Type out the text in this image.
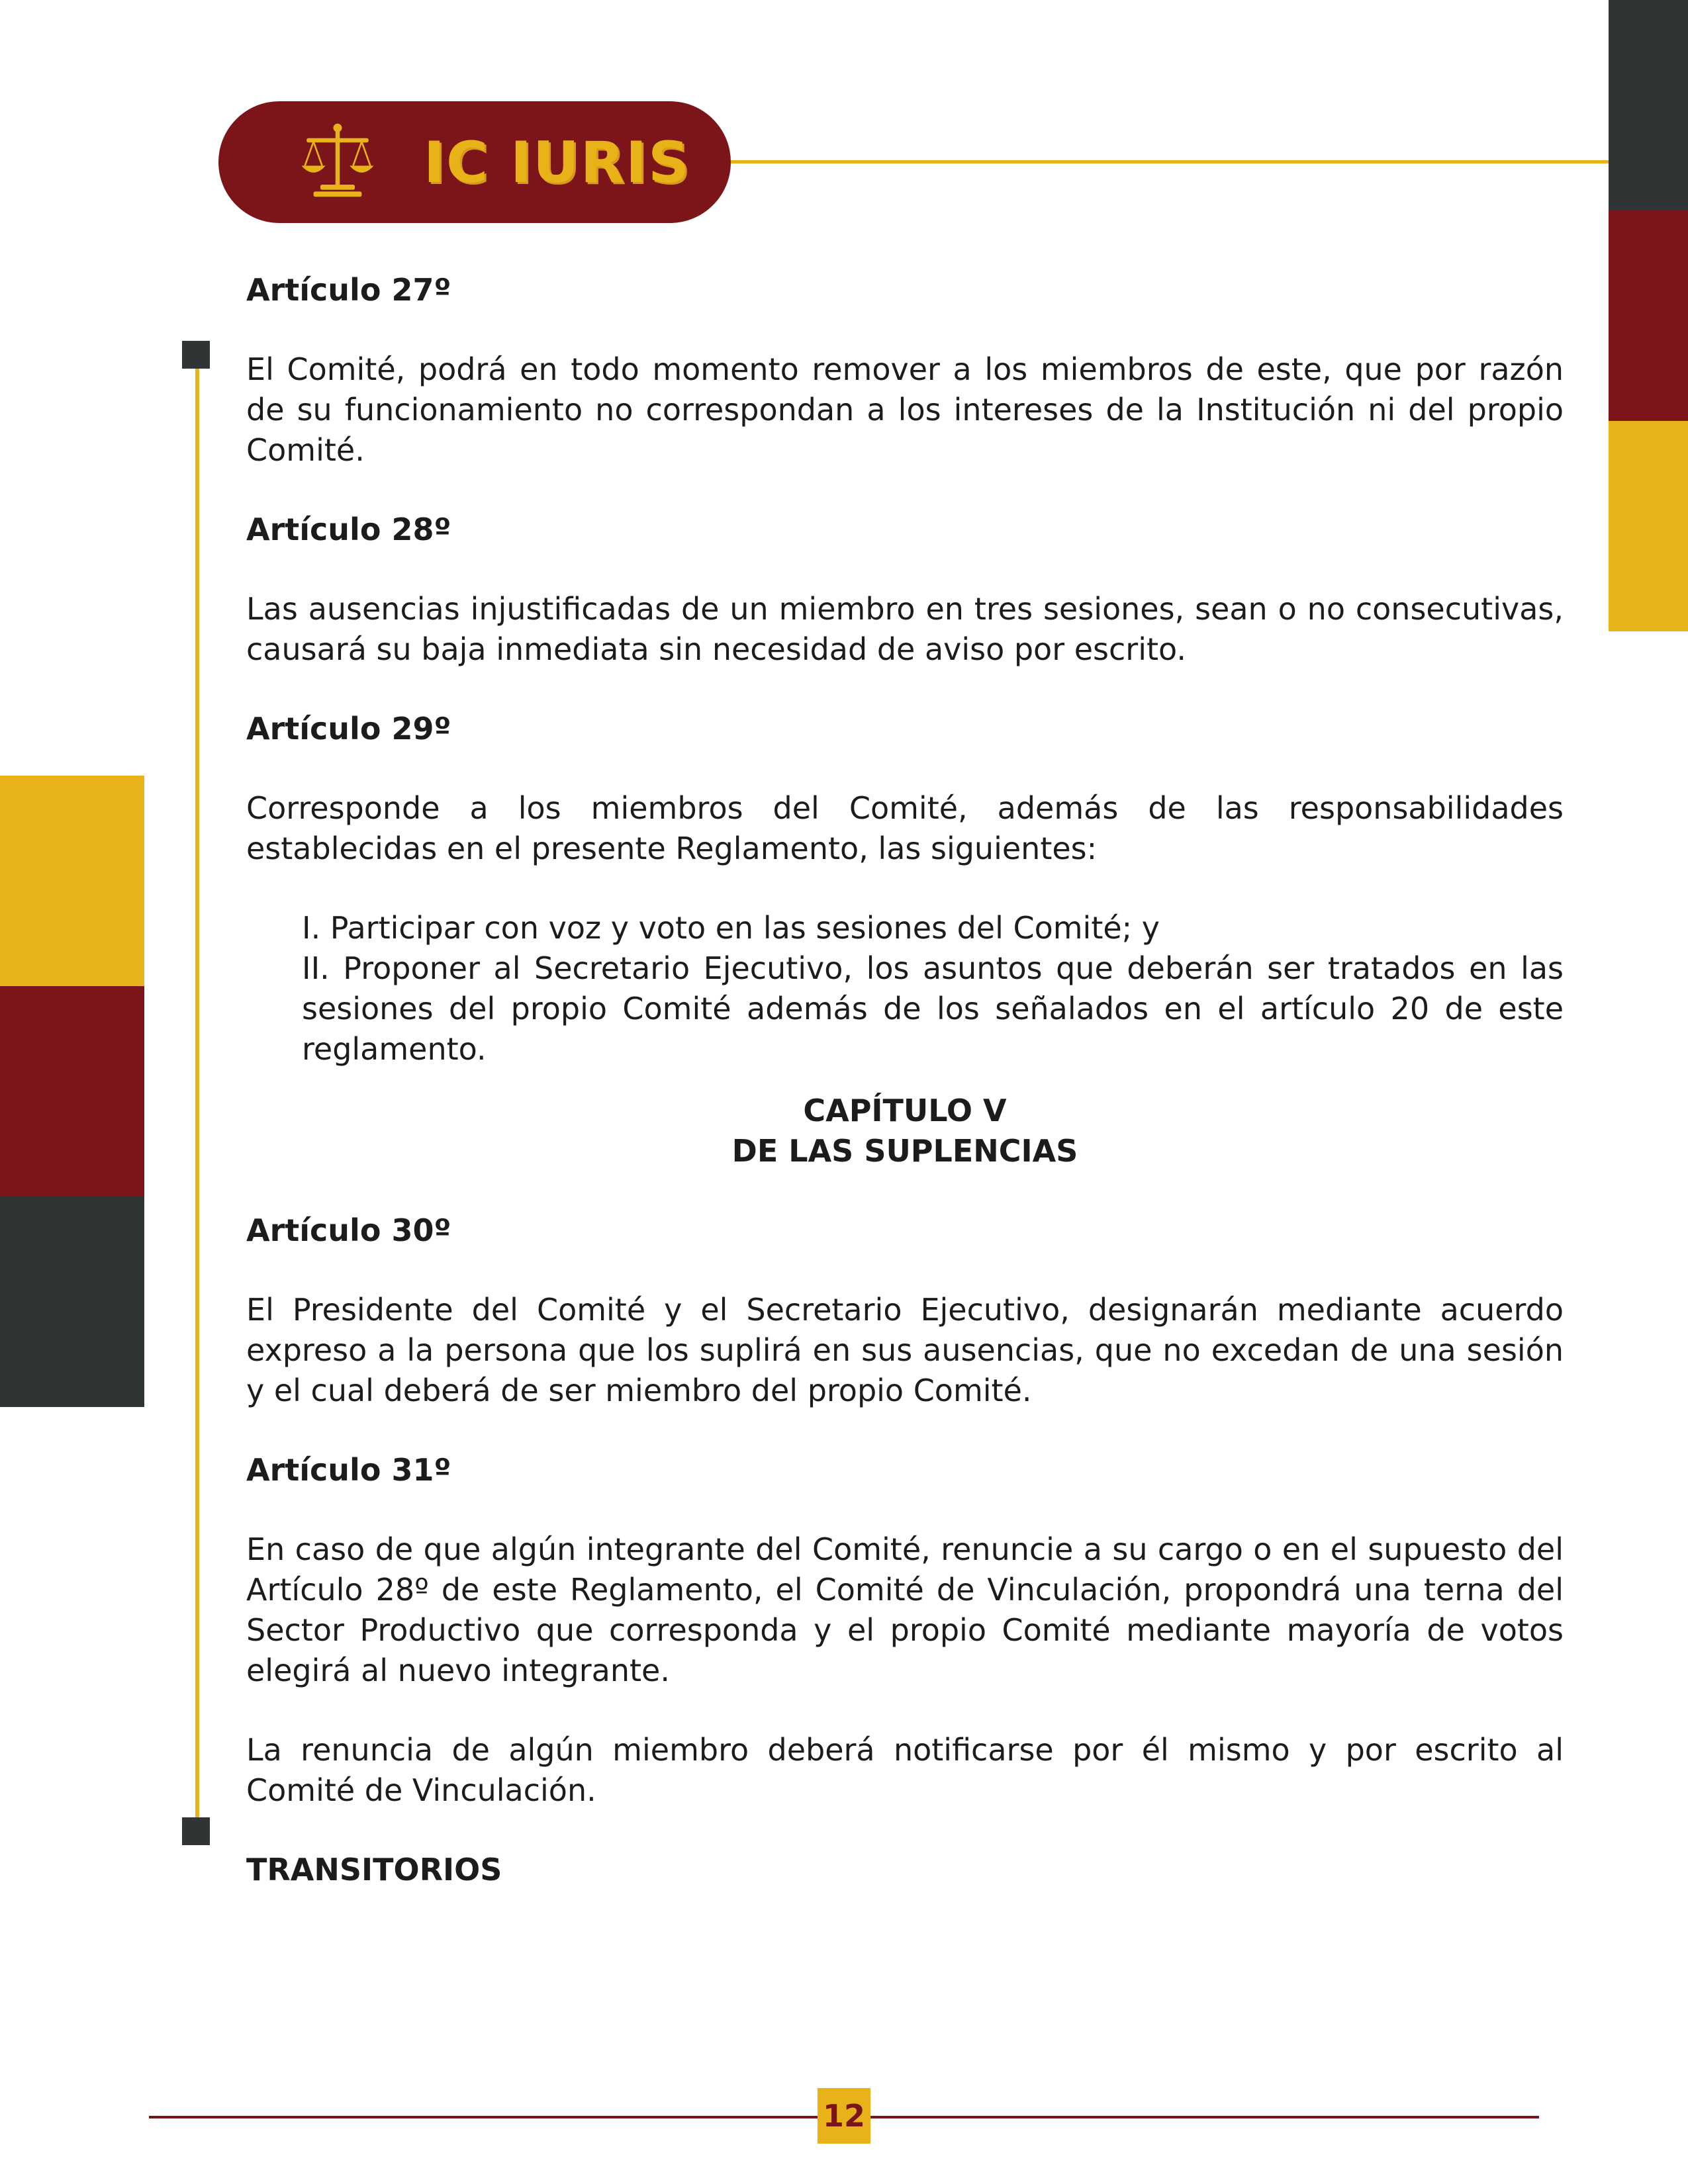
IC IURIS

Artículo 27º

El Comité, podrá en todo momento remover a los miembros de este, que por razón de su funcionamiento no correspondan a los intereses de la Institución ni del propio Comité.

Artículo 28º

Las ausencias injustificadas de un miembro en tres sesiones, sean o no consecutivas, causará su baja inmediata sin necesidad de aviso por escrito.

Artículo 29º

Corresponde a los miembros del Comité, además de las responsabilidades establecidas en el presente Reglamento, las siguientes:

I. Participar con voz y voto en las sesiones del Comité; y

II. Proponer al Secretario Ejecutivo, los asuntos que deberán ser tratados en las sesiones del propio Comité además de los señalados en el artículo 20 de este reglamento.

CAPÍTULO V

DE LAS SUPLENCIAS

Artículo 30º

El Presidente del Comité y el Secretario Ejecutivo, designarán mediante acuerdo expreso a la persona que los suplirá en sus ausencias, que no excedan de una sesión y el cual deberá de ser miembro del propio Comité.

Artículo 31º

En caso de que algún integrante del Comité, renuncie a su cargo o en el supuesto del Artículo 28º de este Reglamento, el Comité de Vinculación, propondrá una terna del Sector Productivo que corresponda y el propio Comité mediante mayoría de votos elegirá al nuevo integrante.

La renuncia de algún miembro deberá notificarse por él mismo y por escrito al Comité de Vinculación.

TRANSITORIOS

12
